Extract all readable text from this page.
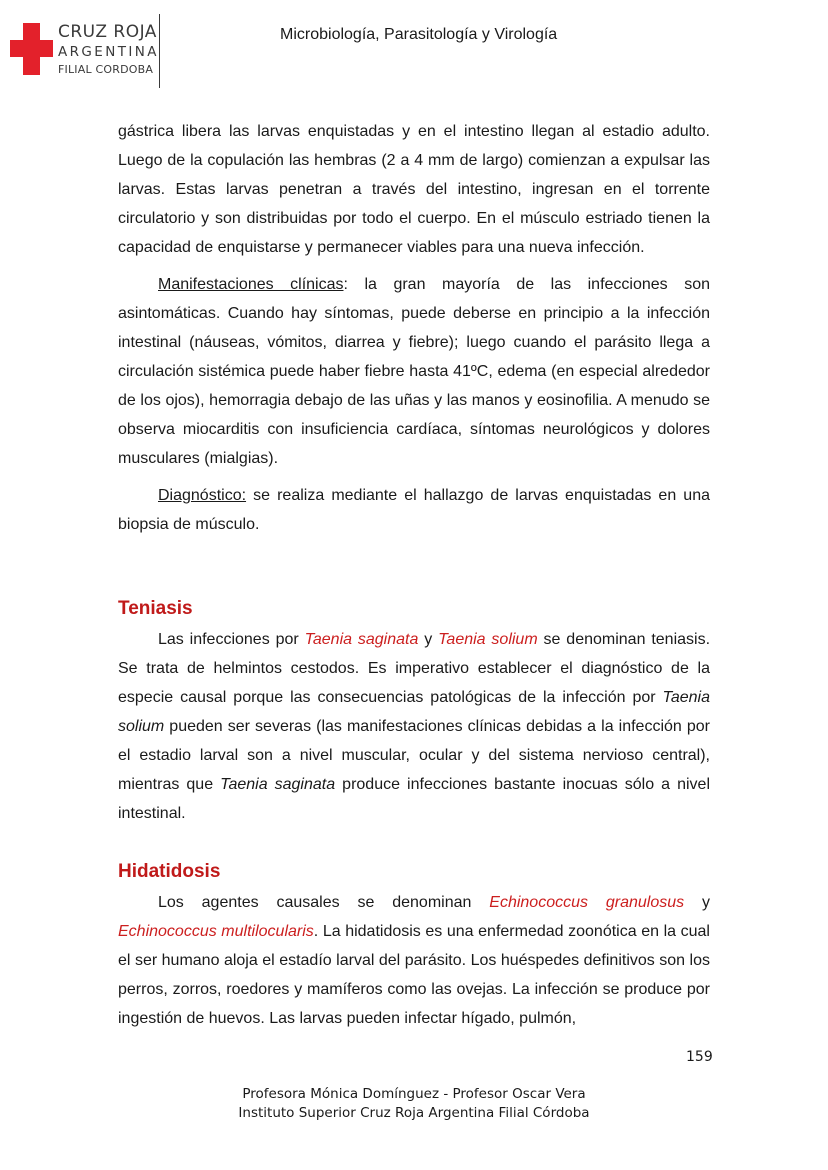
CRUZ ROJA
ARGENTINA
FILIAL CORDOBA
Microbiología, Parasitología y Virología

gástrica libera las larvas enquistadas y en el intestino llegan al estadio adulto. Luego de la copulación las hembras (2 a 4 mm de largo) comienzan a expulsar las larvas. Estas larvas penetran a través del intestino, ingresan en el torrente circulatorio y son distribuidas por todo el cuerpo. En el músculo estriado tienen la capacidad de enquistarse y permanecer viables para una nueva infección.

Manifestaciones clínicas: la gran mayoría de las infecciones son asintomáticas. Cuando hay síntomas, puede deberse en principio a la infección intestinal (náuseas, vómitos, diarrea y fiebre); luego cuando el parásito llega a circulación sistémica puede haber fiebre hasta 41ºC, edema (en especial alrededor de los ojos), hemorragia debajo de las uñas y las manos y eosinofilia. A menudo se observa miocarditis con insuficiencia cardíaca, síntomas neurológicos y dolores musculares (mialgias).

Diagnóstico: se realiza mediante el hallazgo de larvas enquistadas en una biopsia de músculo.

Teniasis

Las infecciones por Taenia saginata y Taenia solium se denominan teniasis. Se trata de helmintos cestodos. Es imperativo establecer el diagnóstico de la especie causal porque las consecuencias patológicas de la infección por Taenia solium pueden ser severas (las manifestaciones clínicas debidas a la infección por el estadio larval son a nivel muscular, ocular y del sistema nervioso central), mientras que Taenia saginata produce infecciones bastante inocuas sólo a nivel intestinal.

Hidatidosis

Los agentes causales se denominan Echinococcus granulosus y Echinococcus multilocularis. La hidatidosis es una enfermedad zoonótica en la cual el ser humano aloja el estadío larval del parásito. Los huéspedes definitivos son los perros, zorros, roedores y mamíferos como las ovejas. La infección se produce por ingestión de huevos. Las larvas pueden infectar hígado, pulmón,

159
Profesora Mónica Domínguez - Profesor Oscar Vera
Instituto Superior Cruz Roja Argentina Filial Córdoba
